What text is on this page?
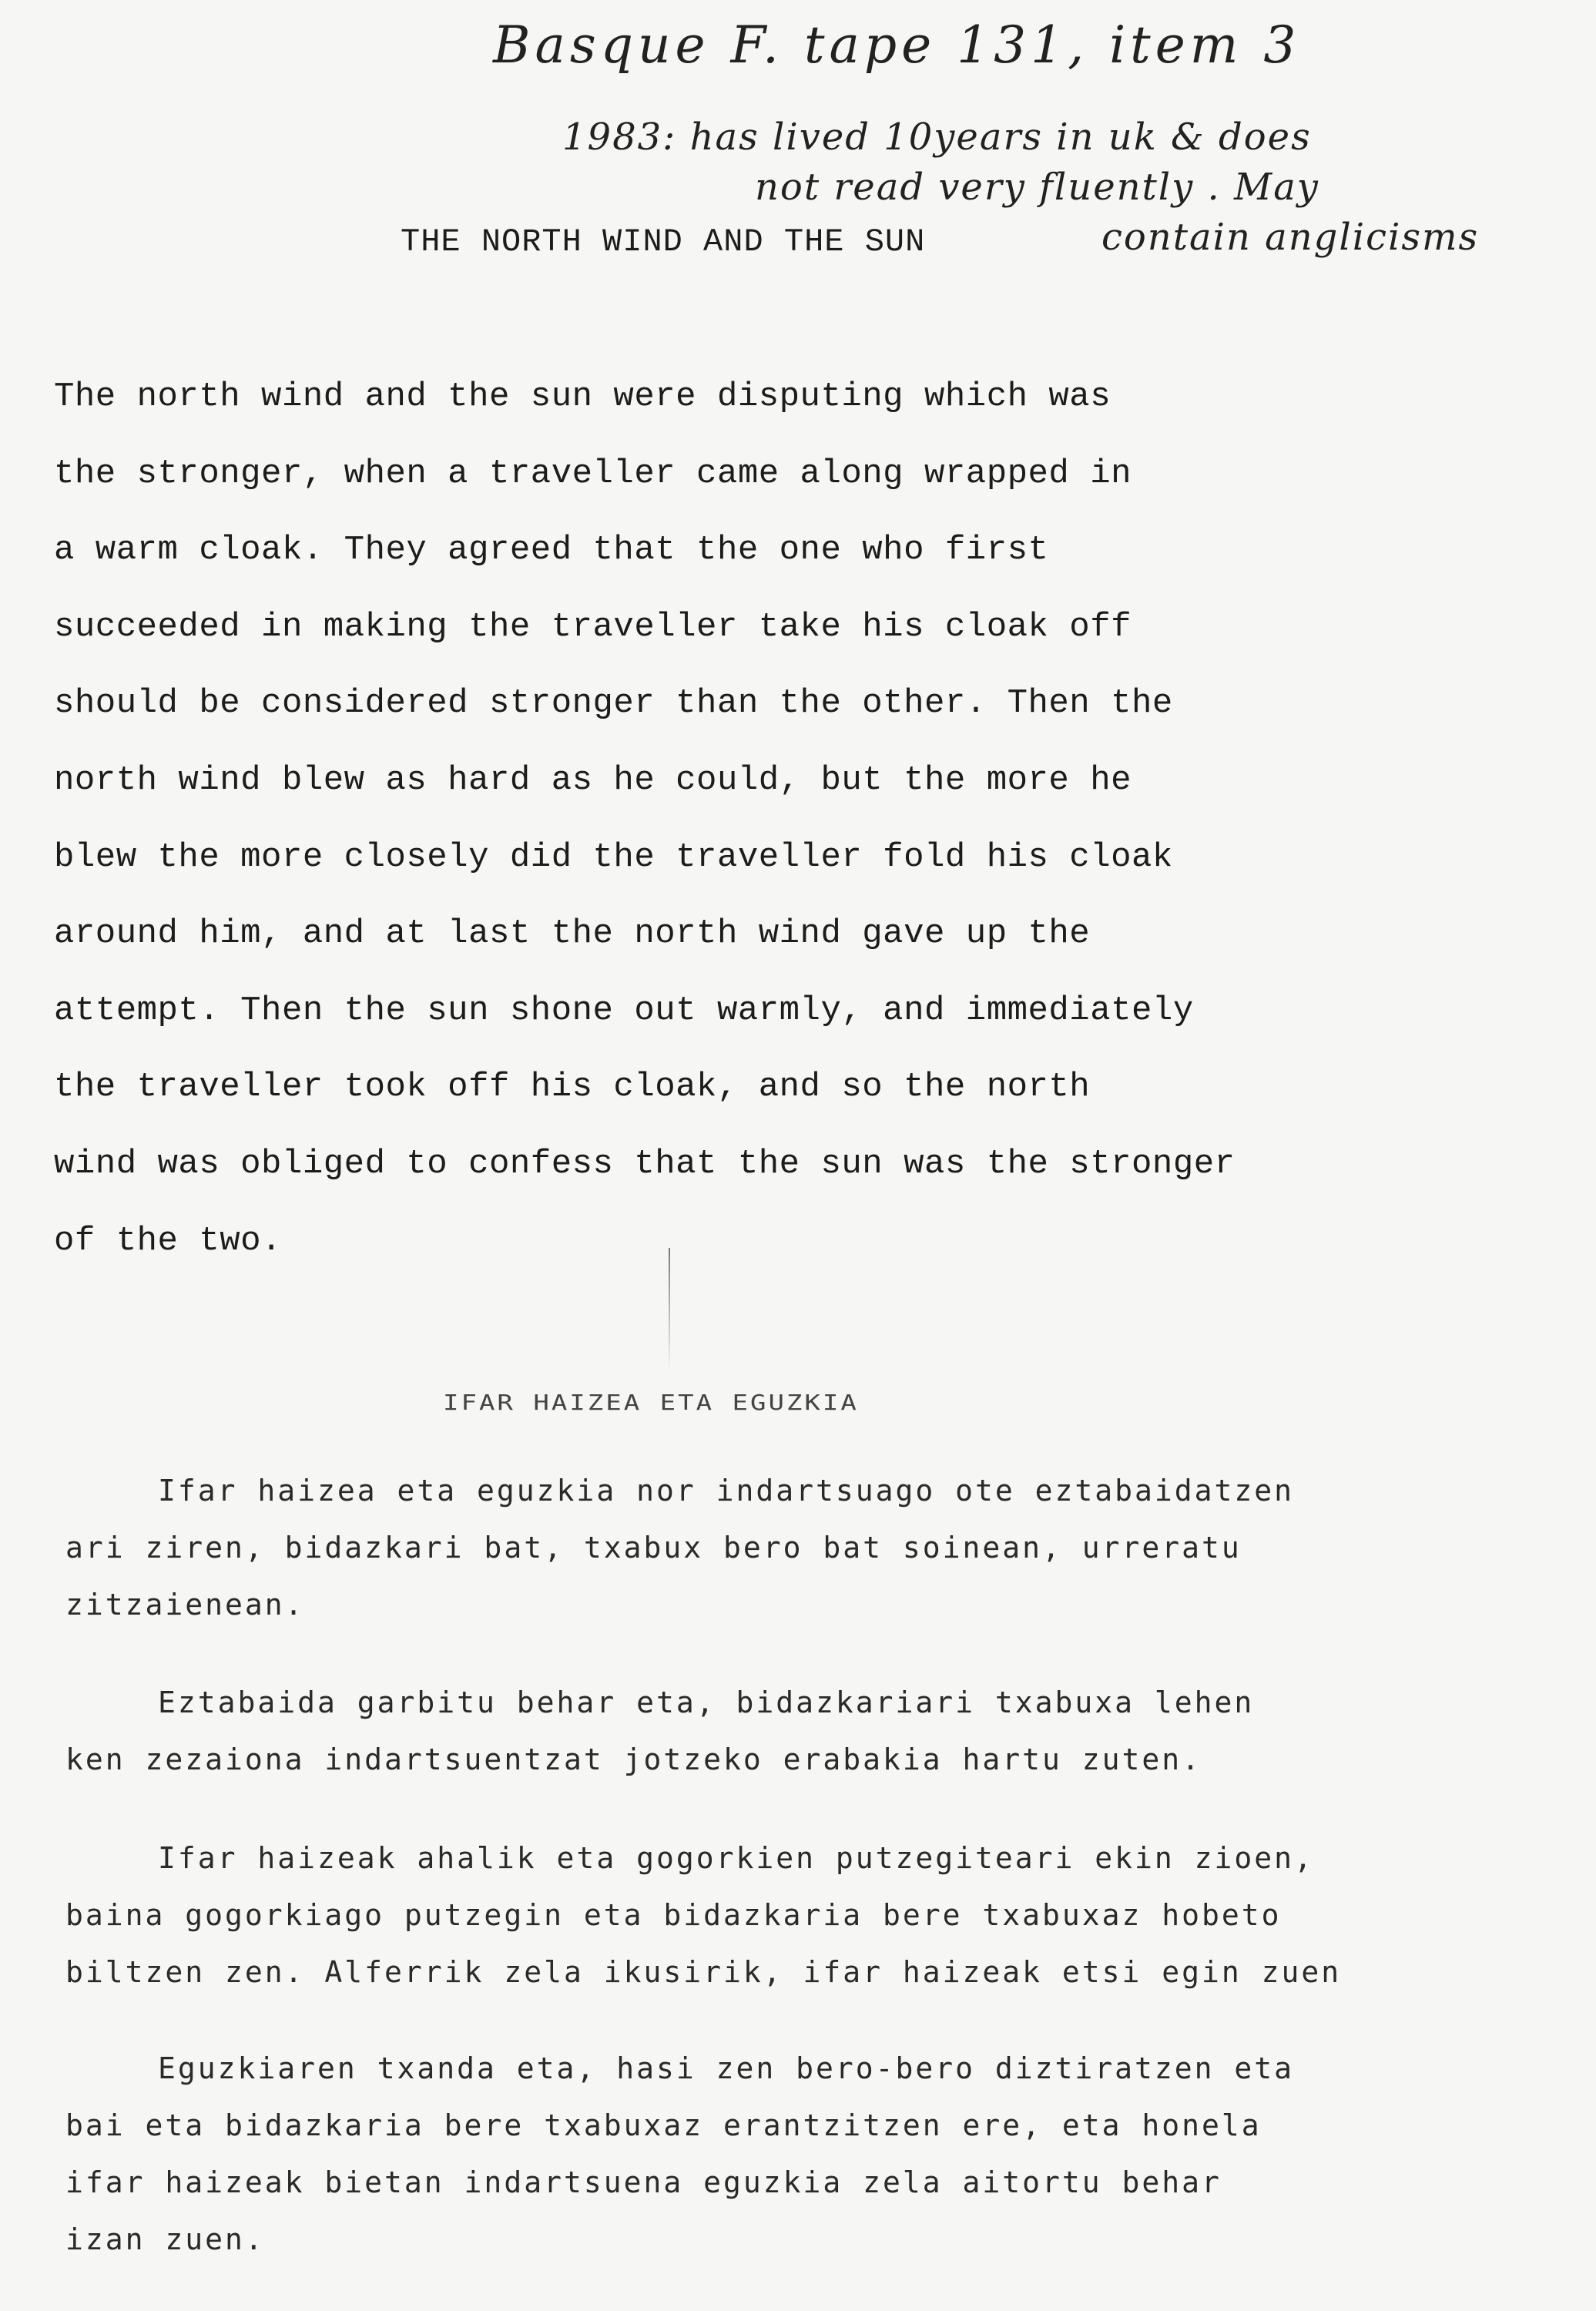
Basque F. tape 131, item 3
1983: has lived 10years in uk & does
not read very fluently . May
contain anglicisms
THE NORTH WIND AND THE SUN
The north wind and the sun were disputing which was
the stronger, when a traveller came along wrapped in
a warm cloak. They agreed that the one who first
succeeded in making the traveller take his cloak off
should be considered stronger than the other. Then the
north wind blew as hard as he could, but the more he
blew the more closely did the traveller fold his cloak
around him, and at last the north wind gave up the
attempt. Then the sun shone out warmly, and immediately
the traveller took off his cloak, and so the north
wind was obliged to confess that the sun was the stronger
of the two.
IFAR HAIZEA ETA EGUZKIA
Ifar haizea eta eguzkia nor indartsuago ote eztabaidatzen
ari ziren, bidazkari bat, txabux bero bat soinean, urreratu
zitzaienean.
Eztabaida garbitu behar eta, bidazkariari txabuxa lehen
ken zezaiona indartsuentzat jotzeko erabakia hartu zuten.
Ifar haizeak ahalik eta gogorkien putzegiteari ekin zioen,
baina gogorkiago putzegin eta bidazkaria bere txabuxaz hobeto
biltzen zen. Alferrik zela ikusirik, ifar haizeak etsi egin zuen
Eguzkiaren txanda eta, hasi zen bero-bero diztiratzen eta
bai eta bidazkaria bere txabuxaz erantzitzen ere, eta honela
ifar haizeak bietan indartsuena eguzkia zela aitortu behar
izan zuen.
